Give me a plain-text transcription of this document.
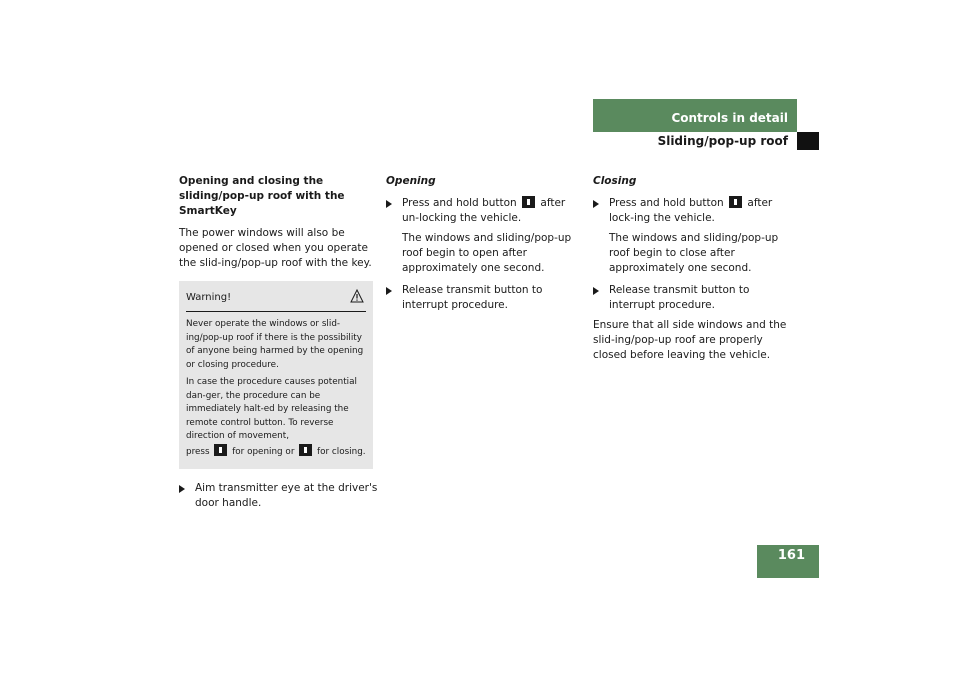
Controls in detail
Sliding/pop-up roof

Opening and closing the sliding/pop-up roof with the SmartKey

The power windows will also be opened or closed when you operate the slid-ing/pop-up roof with the key.

Warning!

Never operate the windows or slid-ing/pop-up roof if there is the possibility of anyone being harmed by the opening or closing procedure.

In case the procedure causes potential dan-ger, the procedure can be immediately halt-ed by releasing the remote control button. To reverse direction of movement,
press	for opening or	for closing.

Aim transmitter eye at the driver's door handle.

Opening

Press and hold button after un-locking the vehicle.

The windows and sliding/pop-up roof begin to open after approximately one second.

Release transmit button to interrupt procedure.

Closing

Press and hold button after lock-ing the vehicle.

The windows and sliding/pop-up roof begin to close after approximately one second.

Release transmit button to interrupt procedure.

Ensure that all side windows and the slid-ing/pop-up roof are properly closed before leaving the vehicle.

161
